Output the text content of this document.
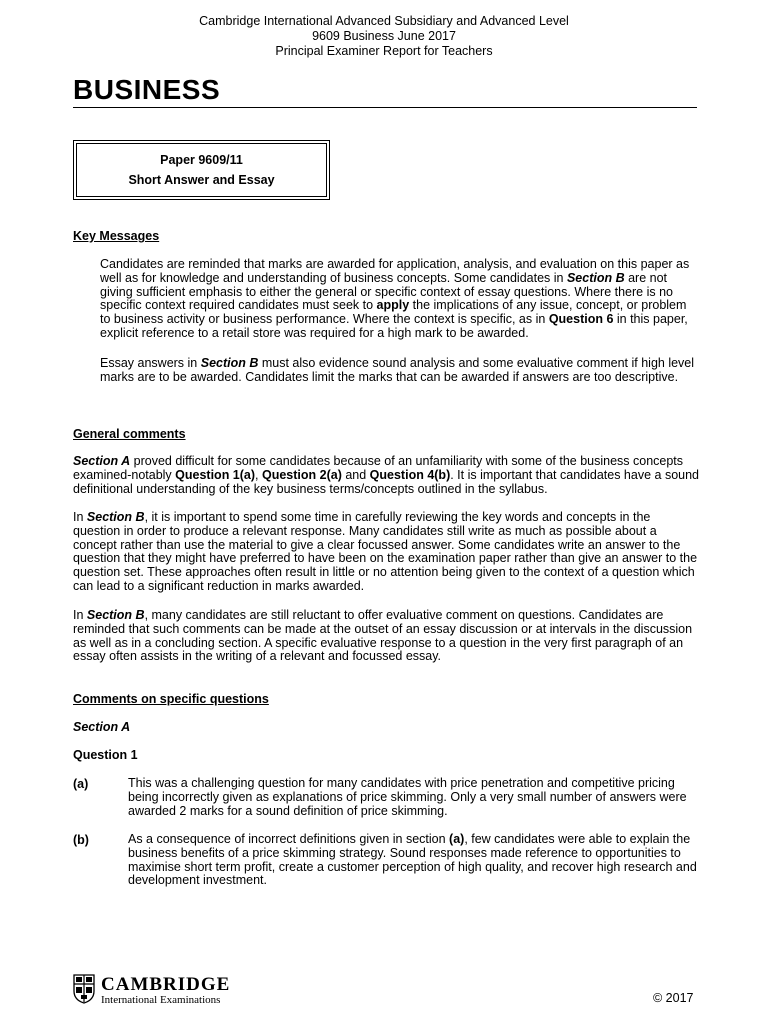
Cambridge International Advanced Subsidiary and Advanced Level
9609 Business June 2017
Principal Examiner Report for Teachers
BUSINESS
Paper 9609/11
Short Answer and Essay
Key Messages
Candidates are reminded that marks are awarded for application, analysis, and evaluation on this paper as well as for knowledge and understanding of business concepts. Some candidates in Section B are not giving sufficient emphasis to either the general or specific context of essay questions. Where there is no specific context required candidates must seek to apply the implications of any issue, concept, or problem to business activity or business performance. Where the context is specific, as in Question 6 in this paper, explicit reference to a retail store was required for a high mark to be awarded.
Essay answers in Section B must also evidence sound analysis and some evaluative comment if high level marks are to be awarded. Candidates limit the marks that can be awarded if answers are too descriptive.
General comments
Section A proved difficult for some candidates because of an unfamiliarity with some of the business concepts examined-notably Question 1(a), Question 2(a) and Question 4(b). It is important that candidates have a sound definitional understanding of the key business terms/concepts outlined in the syllabus.
In Section B, it is important to spend some time in carefully reviewing the key words and concepts in the question in order to produce a relevant response. Many candidates still write as much as possible about a concept rather than use the material to give a clear focussed answer. Some candidates write an answer to the question that they might have preferred to have been on the examination paper rather than give an answer to the question set. These approaches often result in little or no attention being given to the context of a question which can lead to a significant reduction in marks awarded.
In Section B, many candidates are still reluctant to offer evaluative comment on questions. Candidates are reminded that such comments can be made at the outset of an essay discussion or at intervals in the discussion as well as in a concluding section. A specific evaluative response to a question in the very first paragraph of an essay often assists in the writing of a relevant and focussed essay.
Comments on specific questions
Section A
Question 1
(a)	This was a challenging question for many candidates with price penetration and competitive pricing being incorrectly given as explanations of price skimming. Only a very small number of answers were awarded 2 marks for a sound definition of price skimming.
(b)	As a consequence of incorrect definitions given in section (a), few candidates were able to explain the business benefits of a price skimming strategy. Sound responses made reference to opportunities to maximise short term profit, create a customer perception of high quality, and recover high research and development investment.
CAMBRIDGE
International Examinations	© 2017
